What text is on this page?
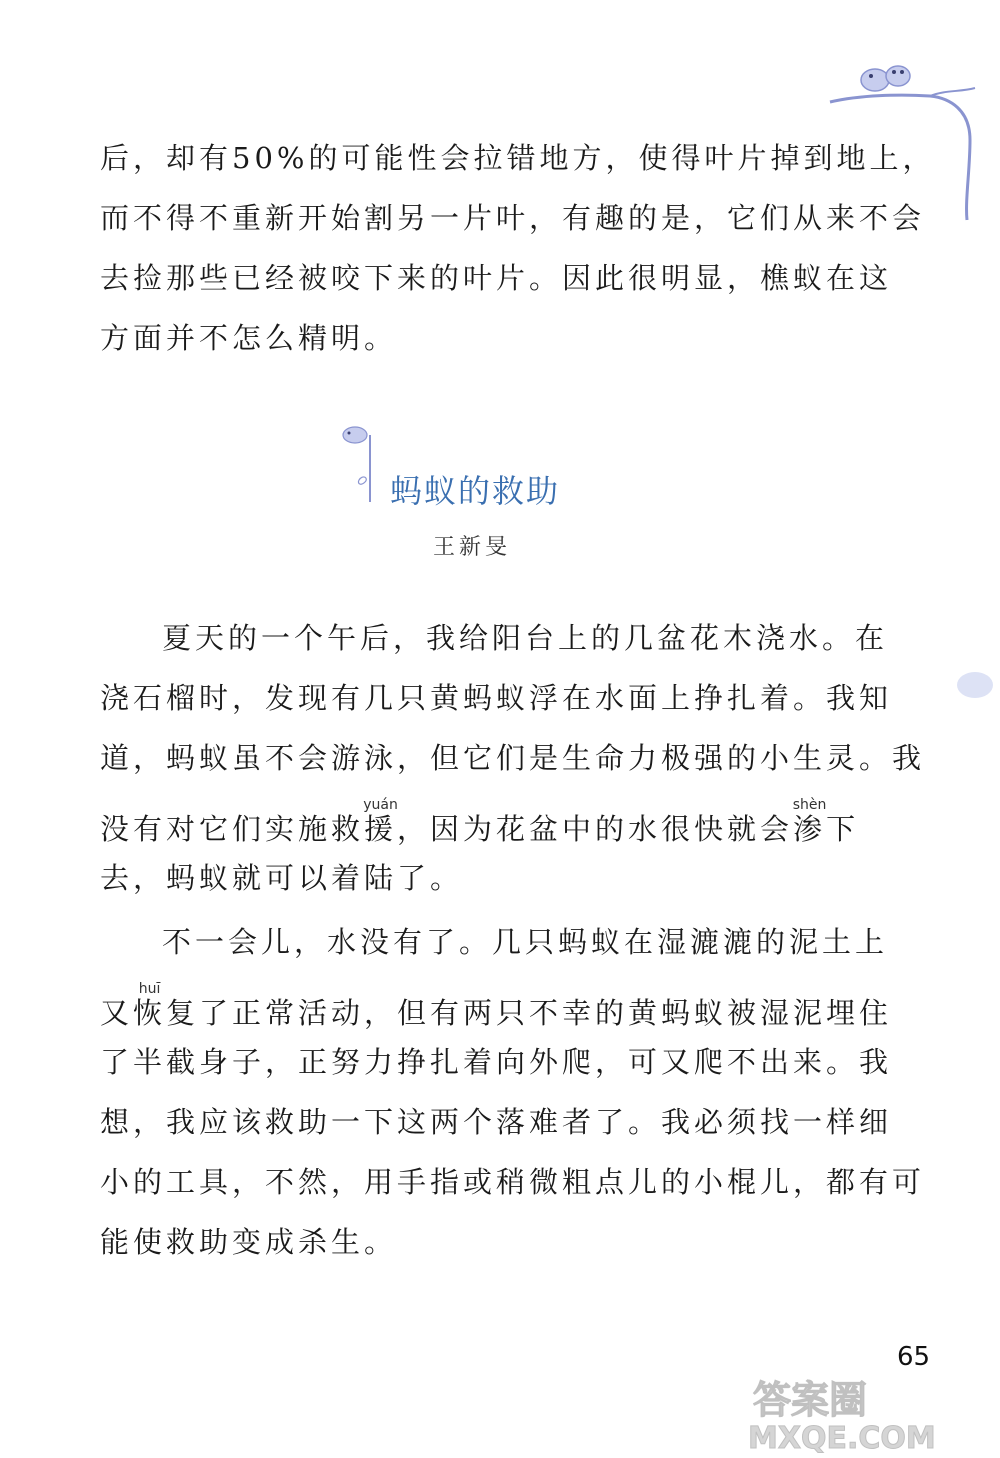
后，却有50%的可能性会拉错地方，使得叶片掉到地上，
而不得不重新开始割另一片叶，有趣的是，它们从来不会
去捡那些已经被咬下来的叶片。因此很明显，樵蚁在这
方面并不怎么精明。
蚂蚁的救助
王新旻
夏天的一个午后，我给阳台上的几盆花木浇水。在
浇石榴时，发现有几只黄蚂蚁浮在水面上挣扎着。我知
道，蚂蚁虽不会游泳，但它们是生命力极强的小生灵。我
没有对它们实施救援yuán，因为花盆中的水很快就会渗shèn下
去，蚂蚁就可以着陆了。
不一会儿，水没有了。几只蚂蚁在湿漉漉的泥土上
又恢huī复了正常活动，但有两只不幸的黄蚂蚁被湿泥埋住
了半截身子，正努力挣扎着向外爬，可又爬不出来。我
想，我应该救助一下这两个落难者了。我必须找一样细
小的工具，不然，用手指或稍微粗点儿的小棍儿，都有可
能使救助变成杀生。
65
答案圈
MXQE.COM
